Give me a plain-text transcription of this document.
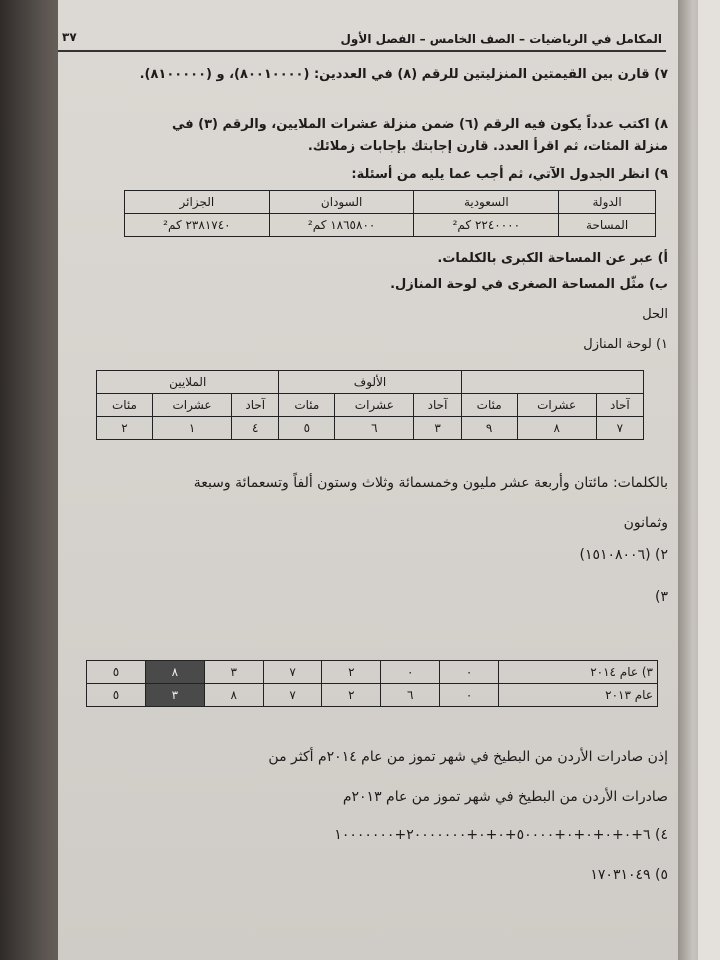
المكامل في الرياضيات – الصف الخامس – الفصل الأول
٣٧
٧) قارن بين القيمتين المنزليتين للرقم (٨) في العددين: (٨٠٠١٠٠٠٠)، و (٨١٠٠٠٠٠).
٨) اكتب عدداً يكون فيه الرقم (٦) ضمن منزلة عشرات الملايين، والرقم (٣) في
منزلة المئات، ثم اقرأ العدد. قارن إجابتك بإجابات زملائك.
٩) انظر الجدول الآتي، ثم أجب عما يليه من أسئلة:
الدولة	السعودية	السودان	الجزائر
المساحة	٢٢٤٠٠٠٠ كم²	١٨٦٥٨٠٠ كم²	٢٣٨١٧٤٠ كم²
أ) عبر عن المساحة الكبرى بالكلمات.
ب) مثّل المساحة الصغرى في لوحة المنازل.
الحل
١) لوحة المنازل
			الألوف			الملايين		
آحاد	عشرات	مئات	آحاد	عشرات	مئات	آحاد	عشرات	مئات
٧	٨	٩	٣	٦	٥	٤	١	٢
بالكلمات: مائتان وأربعة عشر مليون وخمسمائة وثلاث وستون ألفاً وتسعمائة وسبعة
وثمانون
٢) (١٥١٠٨٠٠٦)
٣)
٣) عام ٢٠١٤	٠	٠	٢	٧	٣	٨	٥
عام ٢٠١٣	٠	٦	٢	٧	٨	٣	٥
إذن صادرات الأردن من البطيخ في شهر تموز من عام ٢٠١٤م أكثر من
صادرات الأردن من البطيخ في شهر تموز من عام ٢٠١٣م
٤) ٦+٠+٠+٠+٠+٥٠٠٠٠+٠+٠+٢٠٠٠٠٠٠٠+١٠٠٠٠٠٠٠
٥) ١٧٠٣١٠٤٩
